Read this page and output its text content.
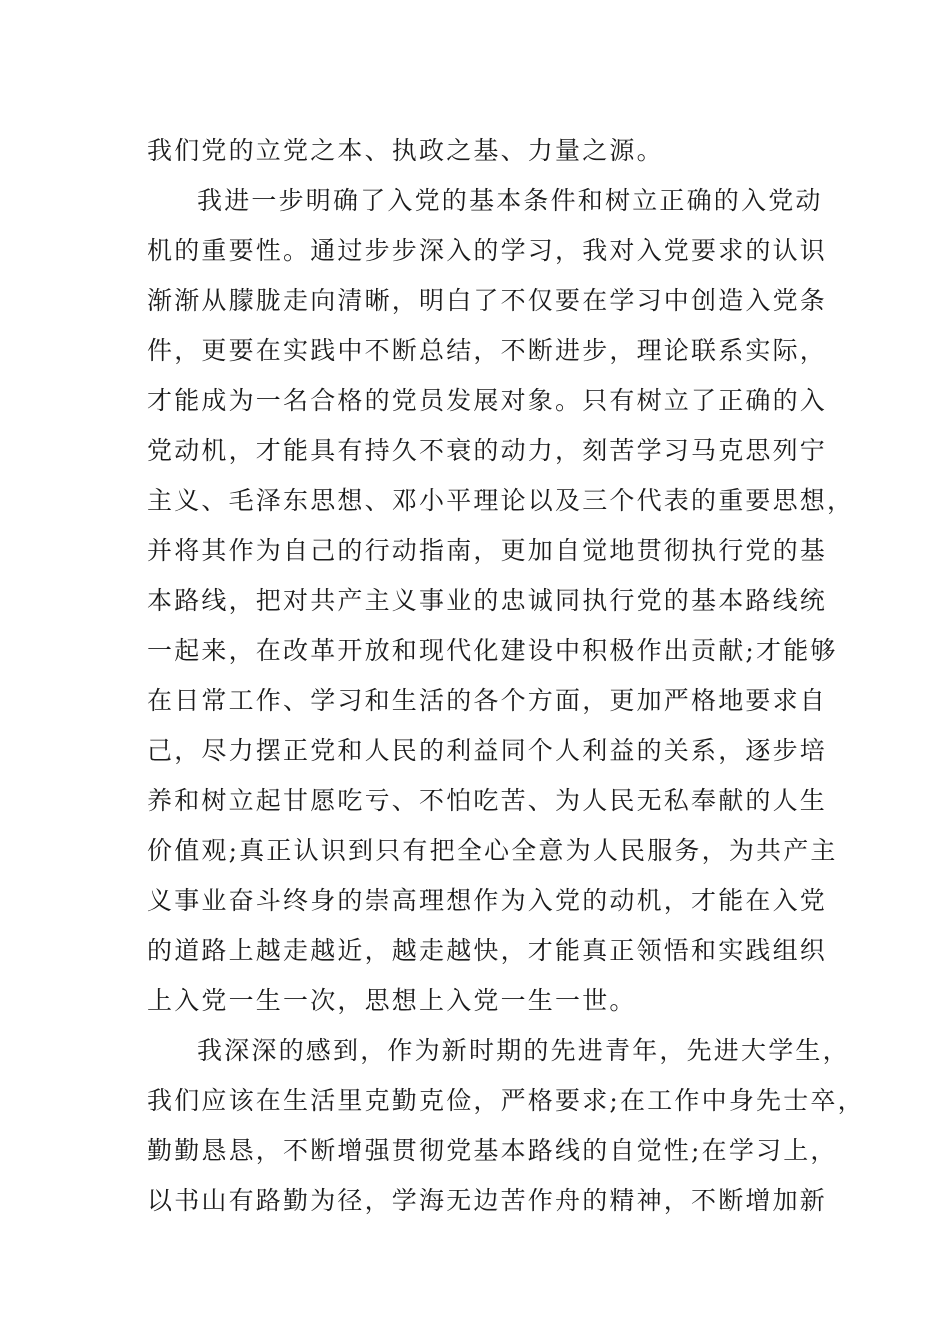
我们党的立党之本、执政之基、力量之源。
我进一步明确了入党的基本条件和树立正确的入党动
机的重要性。通过步步深入的学习，我对入党要求的认识
渐渐从朦胧走向清晰，明白了不仅要在学习中创造入党条
件，更要在实践中不断总结，不断进步，理论联系实际，
才能成为一名合格的党员发展对象。只有树立了正确的入
党动机，才能具有持久不衰的动力，刻苦学习马克思列宁
主义、毛泽东思想、邓小平理论以及三个代表的重要思想，
并将其作为自己的行动指南，更加自觉地贯彻执行党的基
本路线，把对共产主义事业的忠诚同执行党的基本路线统
一起来，在改革开放和现代化建设中积极作出贡献;才能够
在日常工作、学习和生活的各个方面，更加严格地要求自
己，尽力摆正党和人民的利益同个人利益的关系，逐步培
养和树立起甘愿吃亏、不怕吃苦、为人民无私奉献的人生
价值观;真正认识到只有把全心全意为人民服务，为共产主
义事业奋斗终身的崇高理想作为入党的动机，才能在入党
的道路上越走越近，越走越快，才能真正领悟和实践组织
上入党一生一次，思想上入党一生一世。
我深深的感到，作为新时期的先进青年，先进大学生，
我们应该在生活里克勤克俭，严格要求;在工作中身先士卒，
勤勤恳恳，不断增强贯彻党基本路线的自觉性;在学习上，
以书山有路勤为径，学海无边苦作舟的精神，不断增加新
